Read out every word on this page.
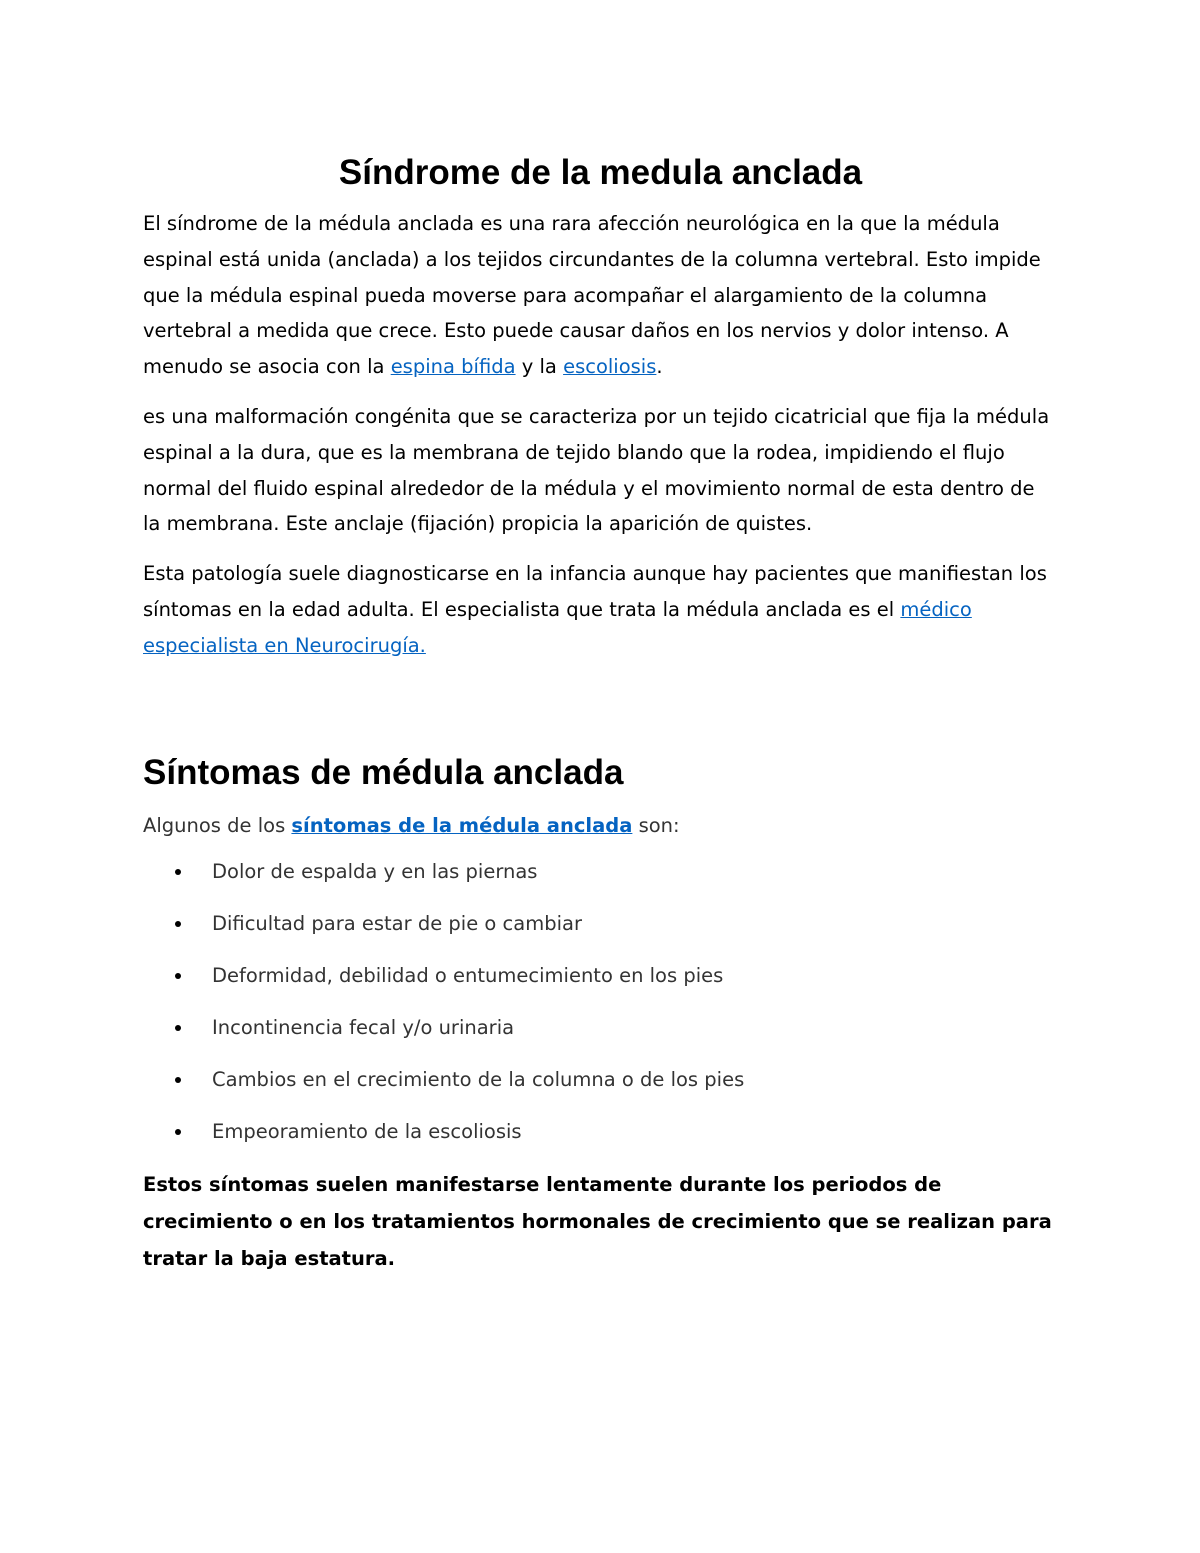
Síndrome de la medula anclada

El síndrome de la médula anclada es una rara afección neurológica en la que la médula espinal está unida (anclada) a los tejidos circundantes de la columna vertebral. Esto impide que la médula espinal pueda moverse para acompañar el alargamiento de la columna vertebral a medida que crece. Esto puede causar daños en los nervios y dolor intenso. A menudo se asocia con la espina bífida y la escoliosis.

es una malformación congénita que se caracteriza por un tejido cicatricial que fija la médula espinal a la dura, que es la membrana de tejido blando que la rodea, impidiendo el flujo normal del fluido espinal alrededor de la médula y el movimiento normal de esta dentro de la membrana. Este anclaje (fijación) propicia la aparición de quistes.

Esta patología suele diagnosticarse en la infancia aunque hay pacientes que manifiestan los síntomas en la edad adulta. El especialista que trata la médula anclada es el médico especialista en Neurocirugía.

Síntomas de médula anclada

Algunos de los síntomas de la médula anclada son:

Dolor de espalda y en las piernas
Dificultad para estar de pie o cambiar
Deformidad, debilidad o entumecimiento en los pies
Incontinencia fecal y/o urinaria
Cambios en el crecimiento de la columna o de los pies
Empeoramiento de la escoliosis

Estos síntomas suelen manifestarse lentamente durante los periodos de crecimiento o en los tratamientos hormonales de crecimiento que se realizan para tratar la baja estatura.
